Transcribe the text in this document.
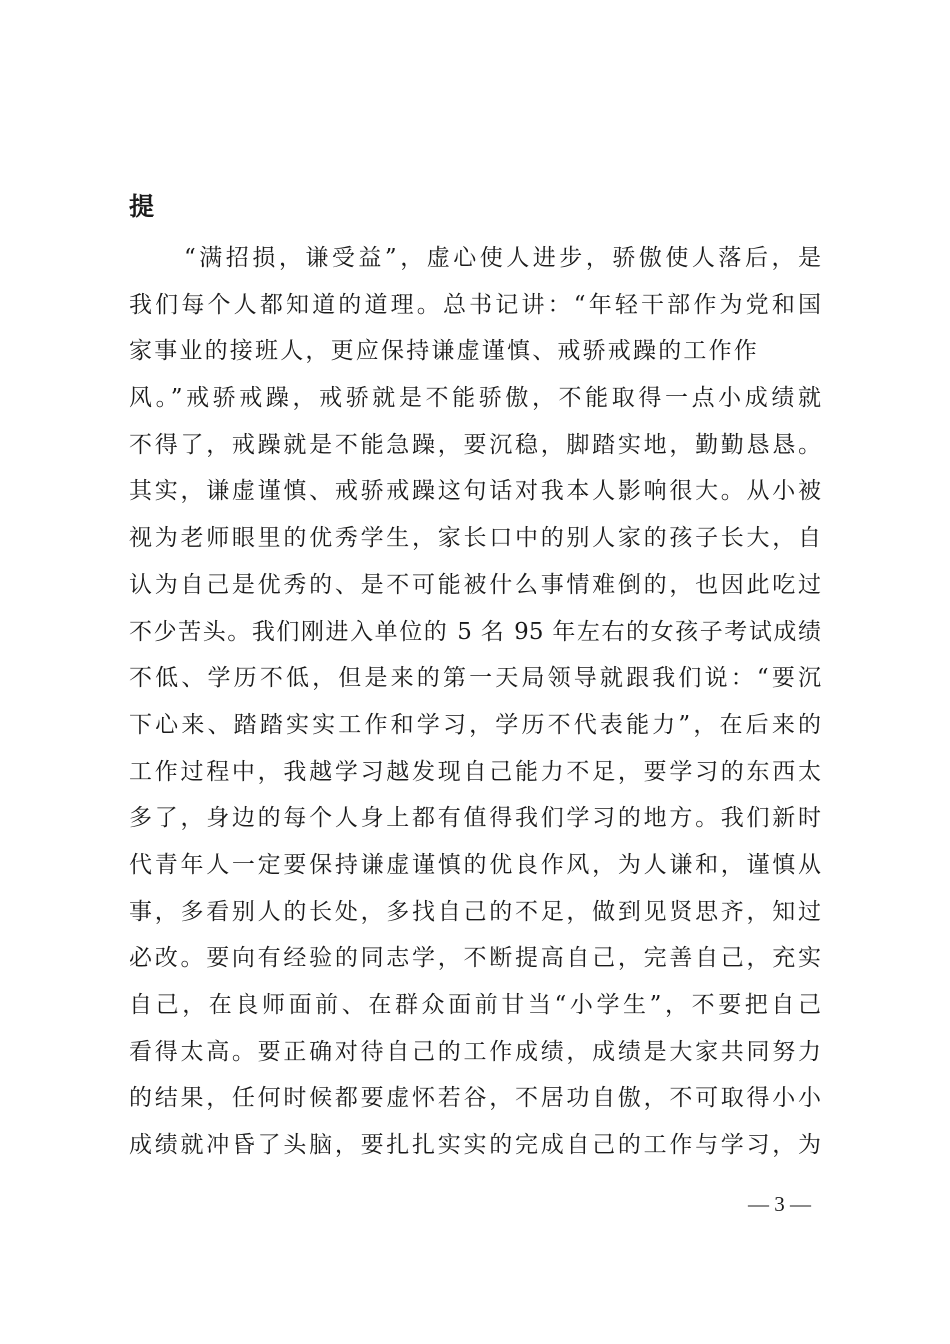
提
“满招损，谦受益”，虚心使人进步，骄傲使人落后，是
我们每个人都知道的道理。总书记讲：“年轻干部作为党和国
家事业的接班人，更应保持谦虚谨慎、戒骄戒躁的工作作
风。”戒骄戒躁，戒骄就是不能骄傲，不能取得一点小成绩就
不得了，戒躁就是不能急躁，要沉稳，脚踏实地，勤勤恳恳。
其实，谦虚谨慎、戒骄戒躁这句话对我本人影响很大。从小被
视为老师眼里的优秀学生，家长口中的别人家的孩子长大，自
认为自己是优秀的、是不可能被什么事情难倒的，也因此吃过
不少苦头。我们刚进入单位的 5 名 95 年左右的女孩子考试成绩
不低、学历不低，但是来的第一天局领导就跟我们说：“要沉
下心来、踏踏实实工作和学习，学历不代表能力”，在后来的
工作过程中，我越学习越发现自己能力不足，要学习的东西太
多了，身边的每个人身上都有值得我们学习的地方。我们新时
代青年人一定要保持谦虚谨慎的优良作风，为人谦和，谨慎从
事，多看别人的长处，多找自己的不足，做到见贤思齐，知过
必改。要向有经验的同志学，不断提高自己，完善自己，充实
自己，在良师面前、在群众面前甘当“小学生”，不要把自己
看得太高。要正确对待自己的工作成绩，成绩是大家共同努力
的结果，任何时候都要虚怀若谷，不居功自傲，不可取得小小
成绩就冲昏了头脑，要扎扎实实的完成自己的工作与学习，为
— 3 —
